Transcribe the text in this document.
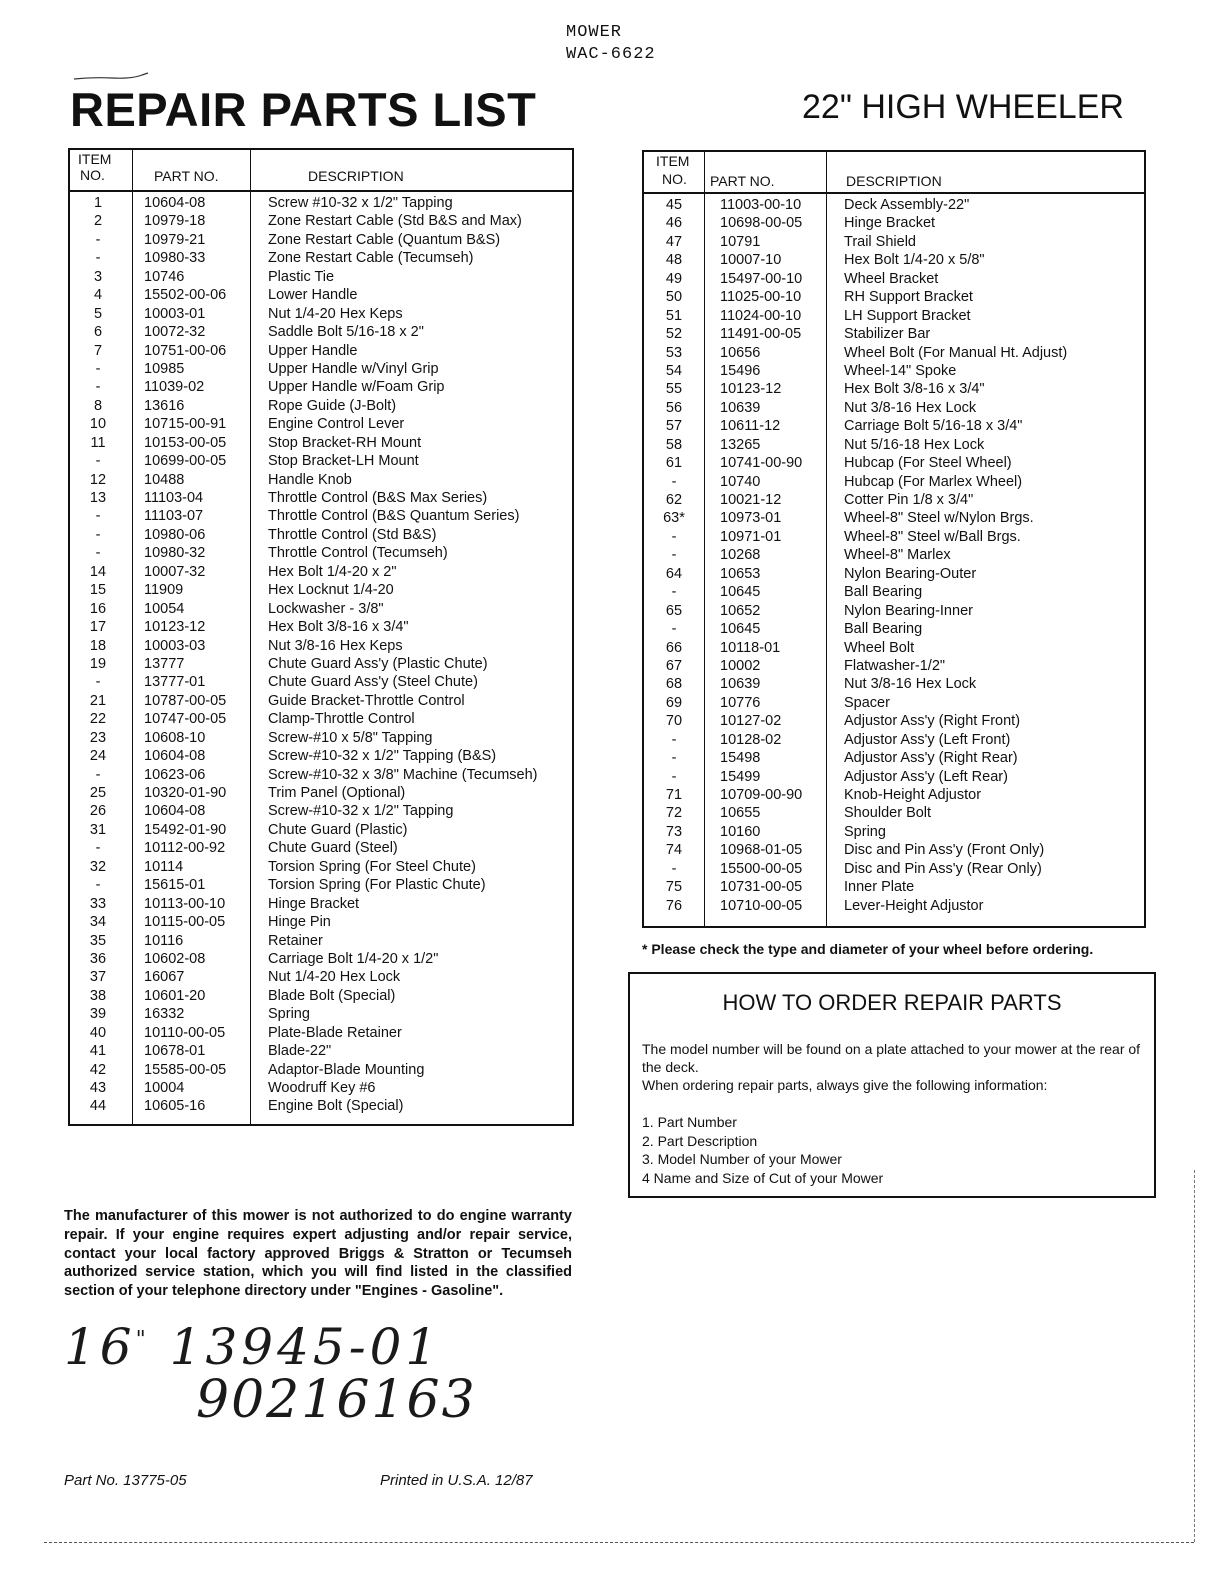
MOWER
WAC-6622
REPAIR PARTS LIST	22" HIGH WHEELER
ITEM
NO.	PART NO.	DESCRIPTION
1	10604-08	Screw #10-32 x 1/2" Tapping
2	10979-18	Zone Restart Cable (Std B&S and Max)
-	10979-21	Zone Restart Cable (Quantum B&S)
-	10980-33	Zone Restart Cable (Tecumseh)
3	10746	Plastic Tie
4	15502-00-06	Lower Handle
5	10003-01	Nut 1/4-20 Hex Keps
6	10072-32	Saddle Bolt 5/16-18 x 2"
7	10751-00-06	Upper Handle
-	10985	Upper Handle w/Vinyl Grip
-	11039-02	Upper Handle w/Foam Grip
8	13616	Rope Guide (J-Bolt)
10	10715-00-91	Engine Control Lever
11	10153-00-05	Stop Bracket-RH Mount
-	10699-00-05	Stop Bracket-LH Mount
12	10488	Handle Knob
13	11103-04	Throttle Control (B&S Max Series)
-	11103-07	Throttle Control (B&S Quantum Series)
-	10980-06	Throttle Control (Std B&S)
-	10980-32	Throttle Control (Tecumseh)
14	10007-32	Hex Bolt 1/4-20 x 2"
15	11909	Hex Locknut 1/4-20
16	10054	Lockwasher - 3/8"
17	10123-12	Hex Bolt 3/8-16 x 3/4"
18	10003-03	Nut 3/8-16 Hex Keps
19	13777	Chute Guard Ass'y (Plastic Chute)
-	13777-01	Chute Guard Ass'y (Steel Chute)
21	10787-00-05	Guide Bracket-Throttle Control
22	10747-00-05	Clamp-Throttle Control
23	10608-10	Screw-#10 x 5/8" Tapping
24	10604-08	Screw-#10-32 x 1/2" Tapping (B&S)
-	10623-06	Screw-#10-32 x 3/8" Machine (Tecumseh)
25	10320-01-90	Trim Panel (Optional)
26	10604-08	Screw-#10-32 x 1/2" Tapping
31	15492-01-90	Chute Guard (Plastic)
-	10112-00-92	Chute Guard (Steel)
32	10114	Torsion Spring (For Steel Chute)
-	15615-01	Torsion Spring (For Plastic Chute)
33	10113-00-10	Hinge Bracket
34	10115-00-05	Hinge Pin
35	10116	Retainer
36	10602-08	Carriage Bolt 1/4-20 x 1/2"
37	16067	Nut 1/4-20 Hex Lock
38	10601-20	Blade Bolt (Special)
39	16332	Spring
40	10110-00-05	Plate-Blade Retainer
41	10678-01	Blade-22"
42	15585-00-05	Adaptor-Blade Mounting
43	10004	Woodruff Key #6
44	10605-16	Engine Bolt (Special)
ITEM
NO. PART NO.	DESCRIPTION
45	11003-00-10	Deck Assembly-22"
46	10698-00-05	Hinge Bracket
47	10791	Trail Shield
48	10007-10	Hex Bolt 1/4-20 x 5/8"
49	15497-00-10	Wheel Bracket
50	11025-00-10	RH Support Bracket
51	11024-00-10	LH Support Bracket
52	11491-00-05	Stabilizer Bar
53	10656	Wheel Bolt (For Manual Ht. Adjust)
54	15496	Wheel-14" Spoke
55	10123-12	Hex Bolt 3/8-16 x 3/4"
56	10639	Nut 3/8-16 Hex Lock
57	10611-12	Carriage Bolt 5/16-18 x 3/4"
58	13265	Nut 5/16-18 Hex Lock
61	10741-00-90	Hubcap (For Steel Wheel)
-	10740	Hubcap (For Marlex Wheel)
62	10021-12	Cotter Pin 1/8 x 3/4"
63*	10973-01	Wheel-8" Steel w/Nylon Brgs.
-	10971-01	Wheel-8" Steel w/Ball Brgs.
-	10268	Wheel-8" Marlex
64	10653	Nylon Bearing-Outer
-	10645	Ball Bearing
65	10652	Nylon Bearing-Inner
-	10645	Ball Bearing
66	10118-01	Wheel Bolt
67	10002	Flatwasher-1/2"
68	10639	Nut 3/8-16 Hex Lock
69	10776	Spacer
70	10127-02	Adjustor Ass'y (Right Front)
-	10128-02	Adjustor Ass'y (Left Front)
-	15498	Adjustor Ass'y (Right Rear)
-	15499	Adjustor Ass'y (Left Rear)
71	10709-00-90	Knob-Height Adjustor
72	10655	Shoulder Bolt
73	10160	Spring
74	10968-01-05	Disc and Pin Ass'y (Front Only)
-	15500-00-05	Disc and Pin Ass'y (Rear Only)
75	10731-00-05	Inner Plate
76	10710-00-05	Lever-Height Adjustor
* Please check the type and diameter of your wheel before ordering.
HOW TO ORDER REPAIR PARTS
The model number will be found on a plate attached to your mower at the rear of the deck.
When ordering repair parts, always give the following information:
1. Part Number
2. Part Description
3. Model Number of your Mower
4 Name and Size of Cut of your Mower
The manufacturer of this mower is not authorized to do engine warranty repair. If your engine requires expert adjusting and/or repair service, contact your local factory approved Briggs & Stratton or Tecumseh authorized service station, which you will find listed in the classified section of your telephone directory under "Engines - Gasoline".
16" 13945-01
90216163
Part No. 13775-05	Printed in U.S.A. 12/87
